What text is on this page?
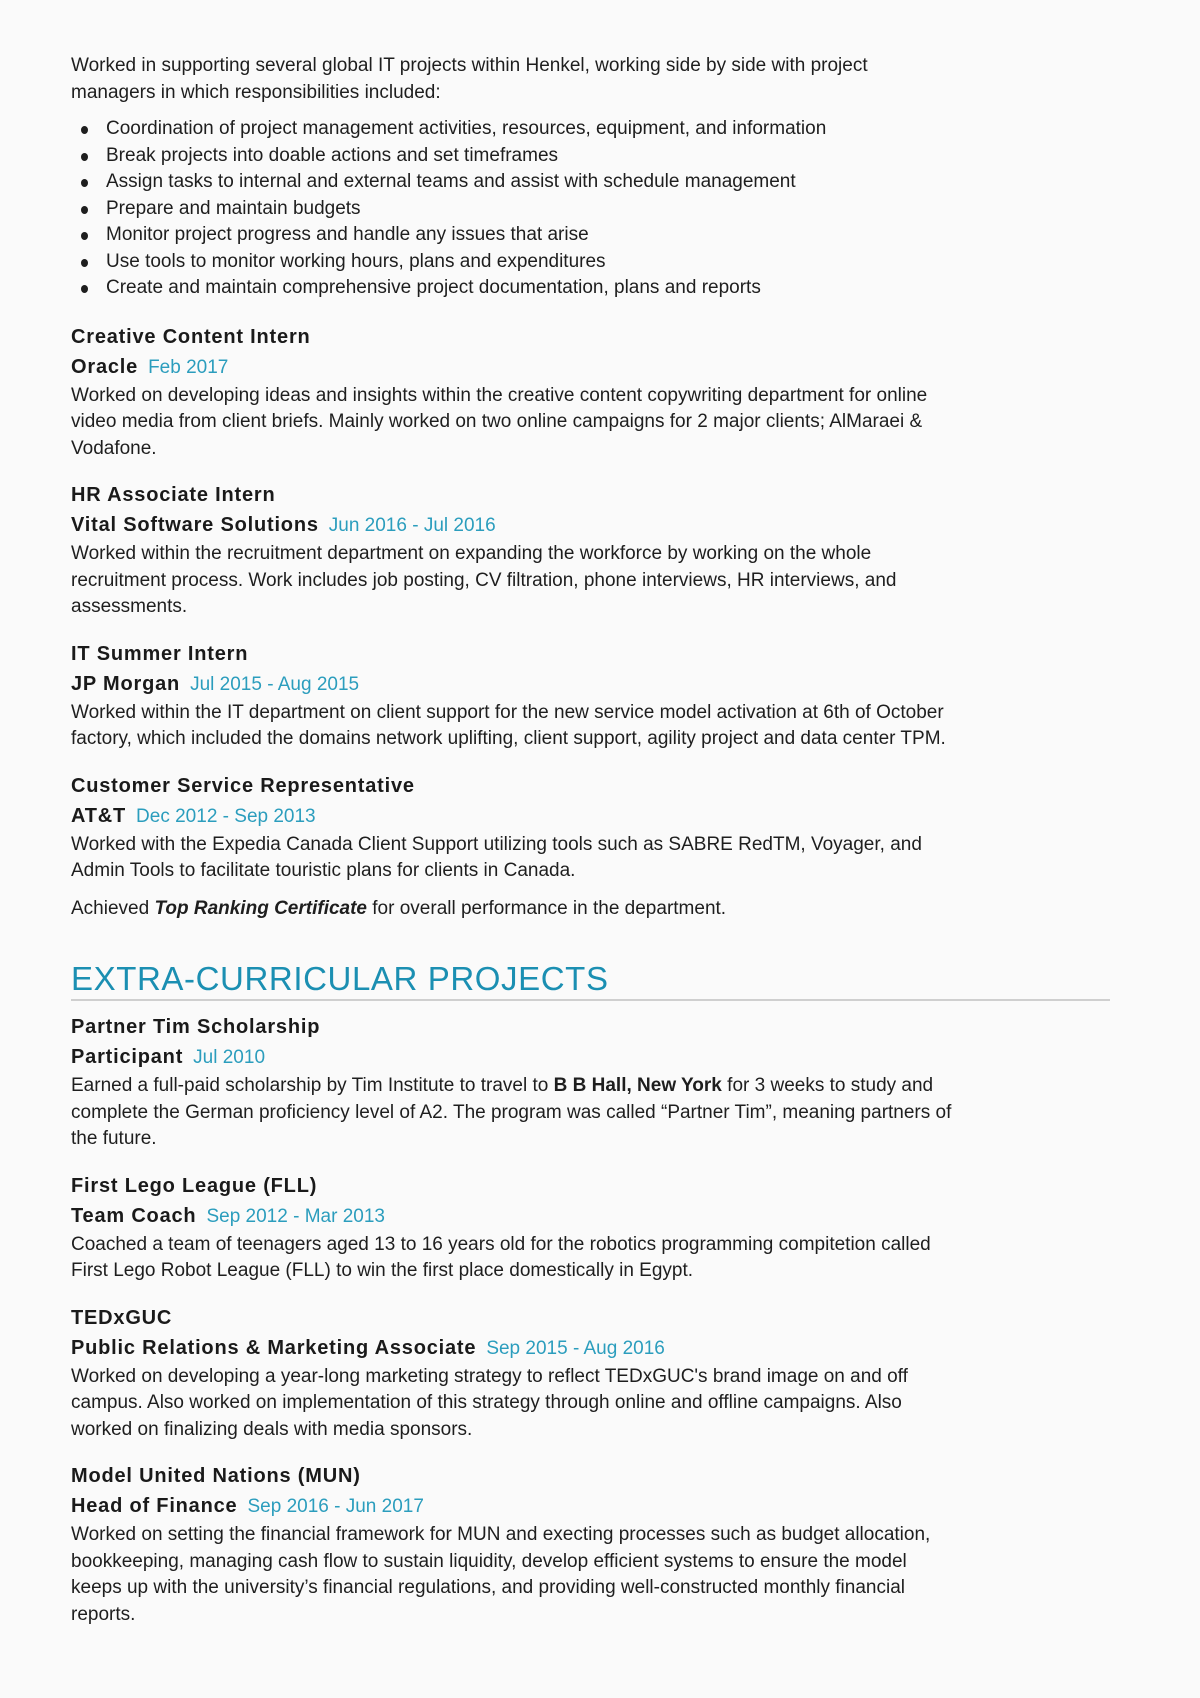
Worked in supporting several global IT projects within Henkel, working side by side with project
managers in which responsibilities included:

Coordination of project management activities, resources, equipment, and information
Break projects into doable actions and set timeframes
Assign tasks to internal and external teams and assist with schedule management
Prepare and maintain budgets
Monitor project progress and handle any issues that arise
Use tools to monitor working hours, plans and expenditures
Create and maintain comprehensive project documentation, plans and reports
Creative Content Intern
Oracle Feb 2017

Worked on developing ideas and insights within the creative content copywriting department for online
video media from client briefs. Mainly worked on two online campaigns for 2 major clients; AlMaraei &
Vodafone.

HR Associate Intern
Vital Software Solutions Jun 2016 - Jul 2016

Worked within the recruitment department on expanding the workforce by working on the whole
recruitment process. Work includes job posting, CV filtration, phone interviews, HR interviews, and
assessments.

IT Summer Intern
JP Morgan Jul 2015 - Aug 2015

Worked within the IT department on client support for the new service model activation at 6th of October
factory, which included the domains network uplifting, client support, agility project and data center TPM.

Customer Service Representative
AT&T Dec 2012 - Sep 2013

Worked with the Expedia Canada Client Support utilizing tools such as SABRE RedTM, Voyager, and
Admin Tools to facilitate touristic plans for clients in Canada.

Achieved Top Ranking Certificate for overall performance in the department.

EXTRA-CURRICULAR PROJECTS
Partner Tim Scholarship
Participant Jul 2010

Earned a full-paid scholarship by Tim Institute to travel to B B Hall, New York for 3 weeks to study and
complete the German proficiency level of A2. The program was called “Partner Tim”, meaning partners of
the future.

First Lego League (FLL)
Team Coach Sep 2012 - Mar 2013

Coached a team of teenagers aged 13 to 16 years old for the robotics programming compitetion called
First Lego Robot League (FLL) to win the first place domestically in Egypt.

TEDxGUC
Public Relations & Marketing Associate Sep 2015 - Aug 2016

Worked on developing a year-long marketing strategy to reflect TEDxGUC's brand image on and off
campus. Also worked on implementation of this strategy through online and offline campaigns. Also
worked on finalizing deals with media sponsors.

Model United Nations (MUN)
Head of Finance Sep 2016 - Jun 2017

Worked on setting the financial framework for MUN and execting processes such as budget allocation,
bookkeeping, managing cash flow to sustain liquidity, develop efficient systems to ensure the model
keeps up with the university’s financial regulations, and providing well-constructed monthly financial
reports.
